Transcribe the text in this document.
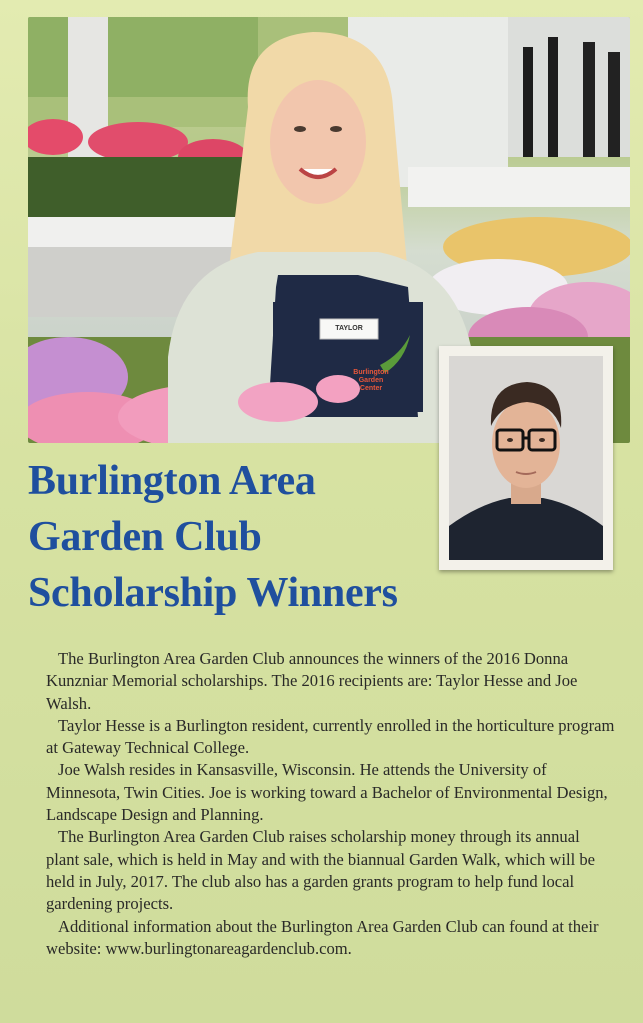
TAYLOR
Burlington
Garden
Center
Burlington Area
Garden Club
Scholarship Winners

The Burlington Area Garden Club announces the winners of the 2016 Donna Kunzniar Memorial scholarships. The 2016 recipients are: Taylor Hesse and Joe Walsh.

Taylor Hesse is a Burlington resident, currently enrolled in the horticulture program at Gateway Technical College.

Joe Walsh resides in Kansasville, Wisconsin. He attends the University of Minnesota, Twin Cities. Joe is working toward a Bachelor of Environmental Design, Landscape Design and Planning.

The Burlington Area Garden Club raises scholarship money through its annual plant sale, which is held in May and with the biannual Garden Walk, which will be held in July, 2017. The club also has a garden grants program to help fund local gardening projects.

Additional information about the Burlington Area Garden Club can found at their website: www.burlingtonareagardenclub.com.
